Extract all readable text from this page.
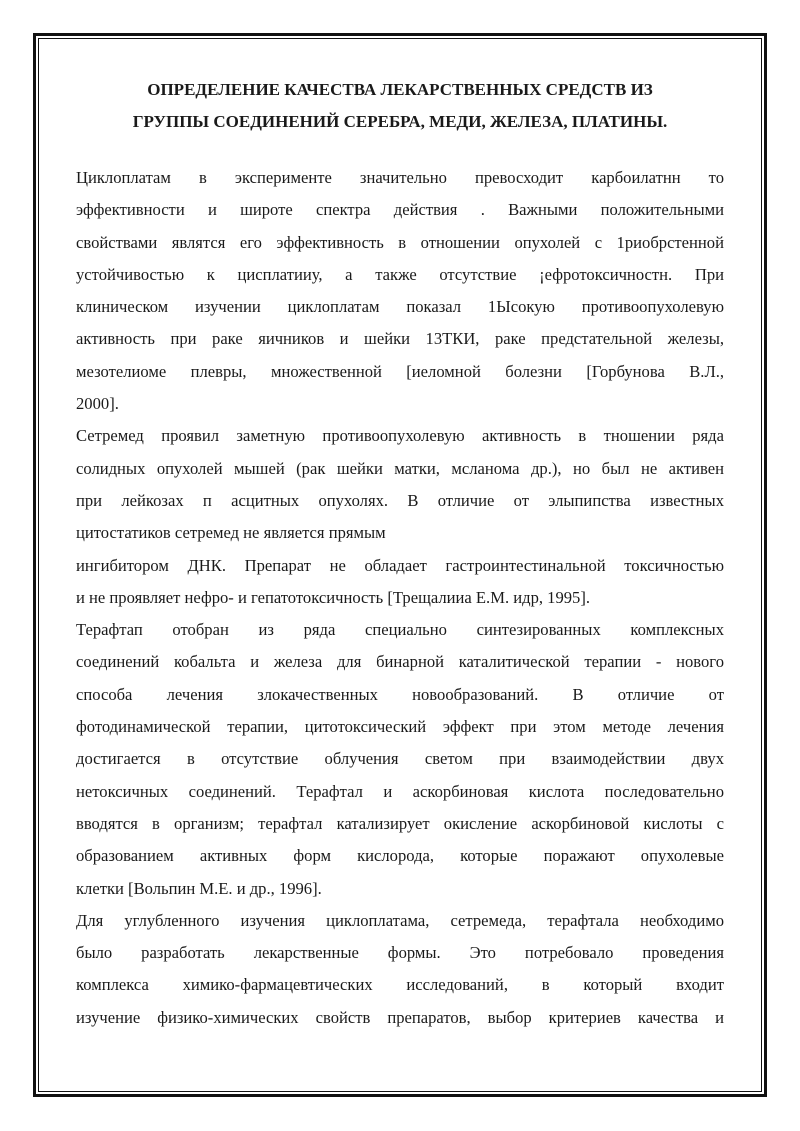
ОПРЕДЕЛЕНИЕ КАЧЕСТВА ЛЕКАРСТВЕННЫХ СРЕДСТВ ИЗ
ГРУППЫ СОЕДИНЕНИЙ СЕРЕБРА, МЕДИ, ЖЕЛЕЗА, ПЛАТИНЫ.

Циклоплатам в эксперименте значительно превосходит карбоилатнн то
эффективности и широте спектра действия . Важными положительными
свойствами являтся его эффективность в отношении опухолей с 1риобрстенной
устойчивостью к цисплатииу, а также отсутствие ¡ефротоксичностн. При
клиническом изучении циклоплатам показал 1Ысокую противоопухолевую
активность при раке яичников и шейки 13ТКИ, раке предстательной железы,
мезотелиоме плевры, множественной [иеломной болезни [Горбунова В.Л.,
2000].

Сетремед проявил заметную противоопухолевую активность в тношении ряда
солидных опухолей мышей (рак шейки матки, мсланома др.), но был не активен
при лейкозах п асцитных опухолях. В отличие от элыпипства известных
цитостатиков сетремед не является прямым

ингибитором ДНК. Препарат не обладает гастроинтестинальной токсичностью
и не проявляет нефро- и гепатотоксичность [Трещалииа Е.М. идр, 1995].

Терафтап отобран из ряда специально синтезированных комплексных
соединений кобальта и железа для бинарной каталитической терапии - нового
способа лечения злокачественных новообразований. В отличие от
фотодинамической терапии, цитотоксический эффект при этом методе лечения
достигается в отсутствие облучения светом при взаимодействии двух
нетоксичных соединений. Терафтал и аскорбиновая кислота последовательно
вводятся в организм; терафтал катализирует окисление аскорбиновой кислоты с
образованием активных форм кислорода, которые поражают опухолевые
клетки [Вольпин М.Е. и др., 1996].

Для углубленного изучения циклоплатама, сетремеда, терафтала необходимо
было разработать лекарственные формы. Это потребовало проведения
комплекса химико-фармацевтических исследований, в который входит
изучение физико-химических свойств препаратов, выбор критериев качества и
